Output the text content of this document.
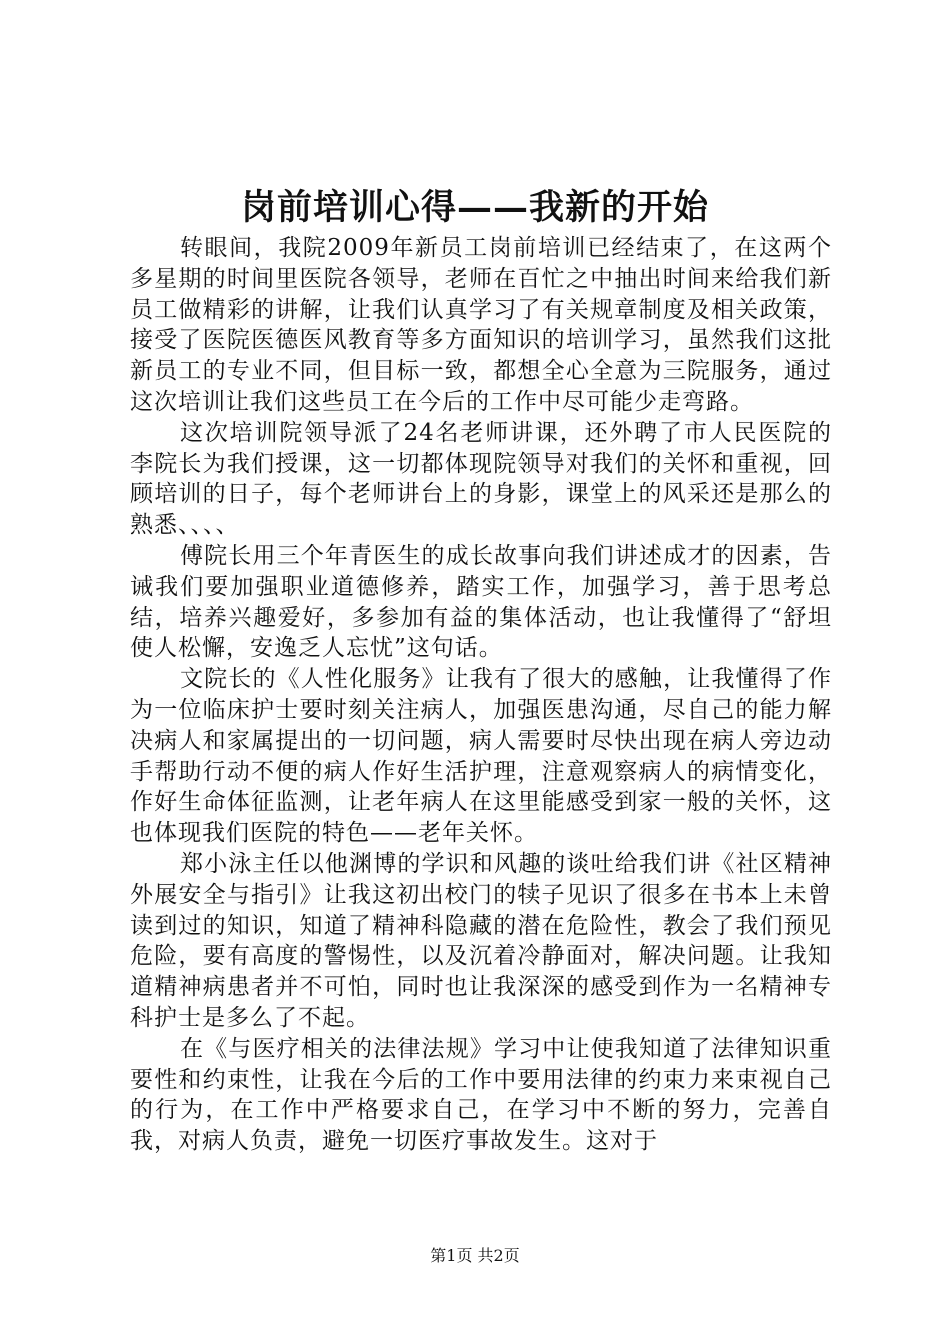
岗前培训心得——我新的开始

转眼间，我院2009年新员工岗前培训已经结束了，在这两个多星期的时间里医院各领导，老师在百忙之中抽出时间来给我们新员工做精彩的讲解，让我们认真学习了有关规章制度及相关政策，接受了医院医德医风教育等多方面知识的培训学习，虽然我们这批新员工的专业不同，但目标一致，都想全心全意为三院服务，通过这次培训让我们这些员工在今后的工作中尽可能少走弯路。

这次培训院领导派了24名老师讲课，还外聘了市人民医院的李院长为我们授课，这一切都体现院领导对我们的关怀和重视，回顾培训的日子，每个老师讲台上的身影，课堂上的风采还是那么的熟悉、、、、

傅院长用三个年青医生的成长故事向我们讲述成才的因素，告诫我们要加强职业道德修养，踏实工作，加强学习，善于思考总结，培养兴趣爱好，多参加有益的集体活动，也让我懂得了“舒坦使人松懈，安逸乏人忘忧”这句话。

文院长的《人性化服务》让我有了很大的感触，让我懂得了作为一位临床护士要时刻关注病人，加强医患沟通，尽自己的能力解决病人和家属提出的一切问题，病人需要时尽快出现在病人旁边动手帮助行动不便的病人作好生活护理，注意观察病人的病情变化，作好生命体征监测，让老年病人在这里能感受到家一般的关怀，这也体现我们医院的特色——老年关怀。

郑小泳主任以他渊博的学识和风趣的谈吐给我们讲《社区精神外展安全与指引》让我这初出校门的犊子见识了很多在书本上未曾读到过的知识，知道了精神科隐藏的潜在危险性，教会了我们预见危险，要有高度的警惕性，以及沉着冷静面对，解决问题。让我知道精神病患者并不可怕，同时也让我深深的感受到作为一名精神专科护士是多么了不起。

在《与医疗相关的法律法规》学习中让使我知道了法律知识重要性和约束性，让我在今后的工作中要用法律的约束力来束视自己的行为，在工作中严格要求自己，在学习中不断的努力，完善自我，对病人负责，避免一切医疗事故发生。这对于

第1页 共2页
